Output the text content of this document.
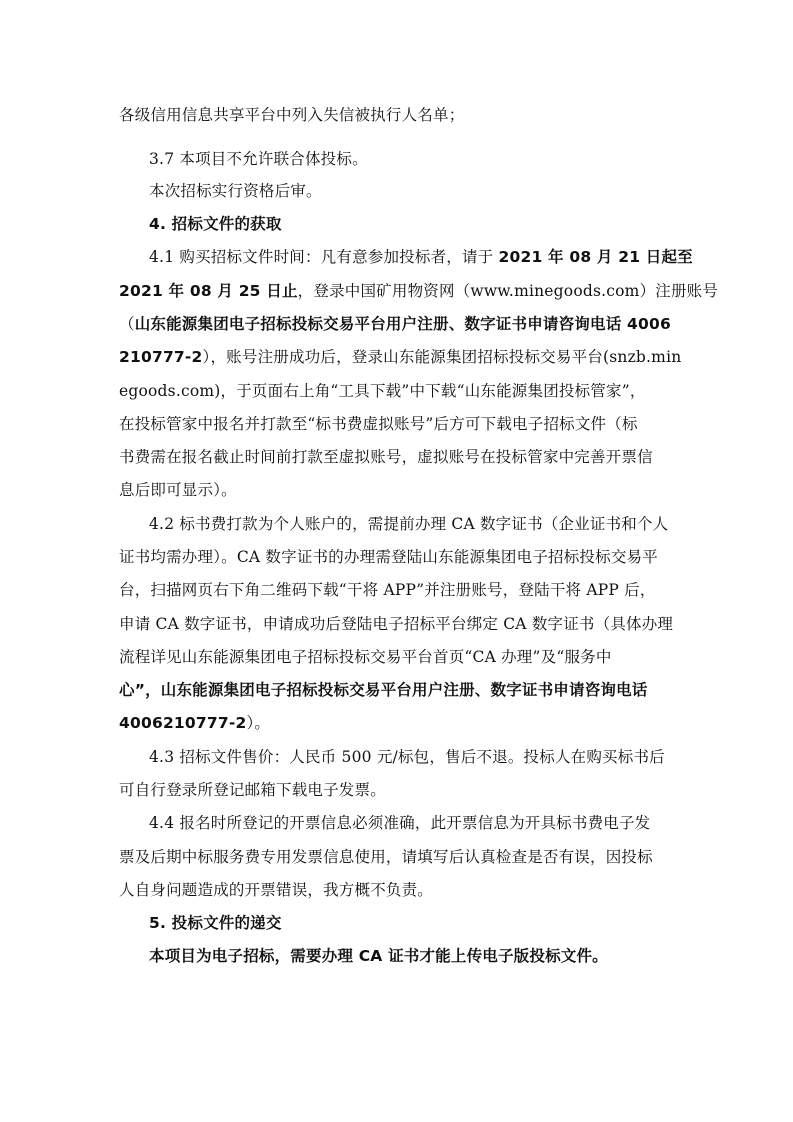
各级信用信息共享平台中列入失信被执行人名单；
3.7 本项目不允许联合体投标。
本次招标实行资格后审。
4. 招标文件的获取
4.1 购买招标文件时间：凡有意参加投标者，请于 2021 年 08 月 21 日起至
2021 年 08 月 25 日止，登录中国矿用物资网（www.minegoods.com）注册账号
（山东能源集团电子招标投标交易平台用户注册、数字证书申请咨询电话 4006
210777-2），账号注册成功后，登录山东能源集团招标投标交易平台(snzb.min
egoods.com)，于页面右上角“工具下载”中下载“山东能源集团投标管家”，
在投标管家中报名并打款至“标书费虚拟账号”后方可下载电子招标文件（标
书费需在报名截止时间前打款至虚拟账号，虚拟账号在投标管家中完善开票信
息后即可显示）。
4.2 标书费打款为个人账户的，需提前办理 CA 数字证书（企业证书和个人
证书均需办理）。CA 数字证书的办理需登陆山东能源集团电子招标投标交易平
台，扫描网页右下角二维码下载“干将 APP”并注册账号，登陆干将 APP 后，
申请 CA 数字证书，申请成功后登陆电子招标平台绑定 CA 数字证书（具体办理
流程详见山东能源集团电子招标投标交易平台首页“CA 办理”及“服务中
心”，山东能源集团电子招标投标交易平台用户注册、数字证书申请咨询电话
4006210777-2）。
4.3 招标文件售价：人民币 500 元/标包，售后不退。投标人在购买标书后
可自行登录所登记邮箱下载电子发票。
4.4 报名时所登记的开票信息必须准确，此开票信息为开具标书费电子发
票及后期中标服务费专用发票信息使用，请填写后认真检查是否有误，因投标
人自身问题造成的开票错误，我方概不负责。
5. 投标文件的递交
本项目为电子招标，需要办理 CA 证书才能上传电子版投标文件。
